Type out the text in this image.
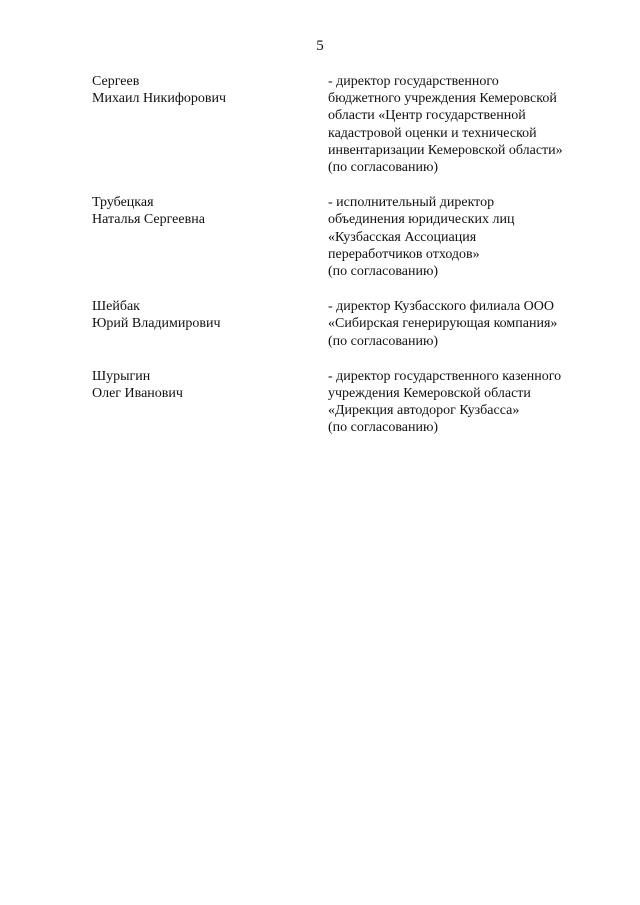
5
Сергеев
Михаил Никифорович
- директор государственного
бюджетного учреждения Кемеровской
области «Центр государственной
кадастровой оценки и технической
инвентаризации Кемеровской области»
(по согласованию)
Трубецкая
Наталья Сергеевна
- исполнительный директор
объединения юридических лиц
«Кузбасская Ассоциация
переработчиков отходов»
(по согласованию)
Шейбак
Юрий Владимирович
- директор Кузбасского филиала ООО
«Сибирская генерирующая компания»
(по согласованию)
Шурыгин
Олег Иванович
- директор государственного казенного
учреждения Кемеровской области
«Дирекция автодорог Кузбасса»
(по согласованию)
